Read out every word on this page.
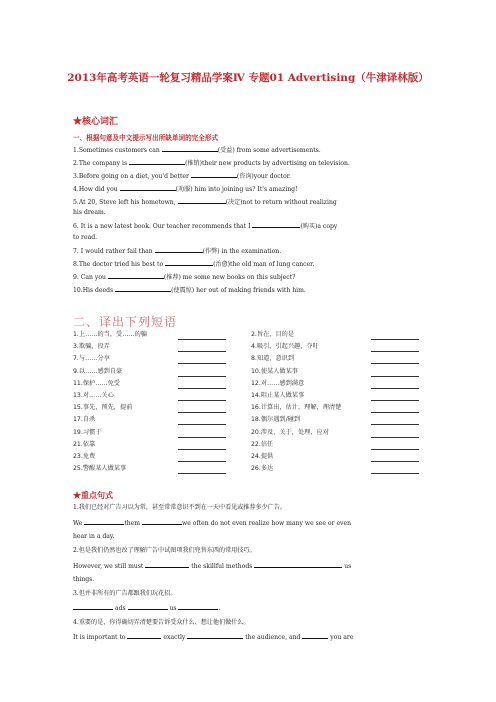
2013年高考英语一轮复习精品学案Ⅳ 专题01 Advertising（牛津译林版）
★核心词汇
一、根据句意及中文提示写出所缺单词的完全形式
1.Sometimes customers can	(受益) from some advertisements.
2.The company is	(推销)their new products by advertising on television.
3.Before going on a diet, you'd better	(咨询)your doctor.
4.How did you	(劝服) him into joining us? It's amazing!
5.At 20, Steve left his hometown,	(决定)not to return without realizing
his dream.
6. It is a new latest book. Our teacher recommends that I	(购买)a copy
to read.
7. I would rather fail than	(作弊) in the examination.
8.The doctor tried his best to	(治愈)the old man of lung cancer.
9. Can you	(推荐) me some new books on this subject?
10.His deeds	(使震惊) her out of making friends with him.
二、译出下列短语
1.上……的当，受……的骗	2.旨在，目的是
3.欺骗，投弄	4.吸引，引起兴趣，夺吁
7.与……分享	8.知道，意识到
9.以……感到自豪	10.使某人做某事
11.保护……免受	12.对……感到满意
13.对……关心	14.阻止某人做某事
15.事先，预先，提前	16.计算出，估计，理解，理清楚
17.自杀	18.偶尔遇到/碰到
19.习惯于	20.涉及，关于，处理，应对
21.依靠	22.信任
23.免费	24.提供
25.警醒某人做某事	26.多达
★重点句式
1.我们已经对广告习以为常，甚至常常意识不到在一天中看见或推荐多少广告。
We	them	we often do not even realize how many we see or even
hear in a day.
2.但是我们仍然也改了理解广告中试图项我们兜售东西的常用技巧。
However, we still must	the skillful methods	us
things.
3.但并非所有的广告都跟我们玩花招。
ads	us	.
4.重要的是，你得确切弄清楚要告诉受众什么、想让他们做什么。
It is important to	exactly	the audience, and	you are
